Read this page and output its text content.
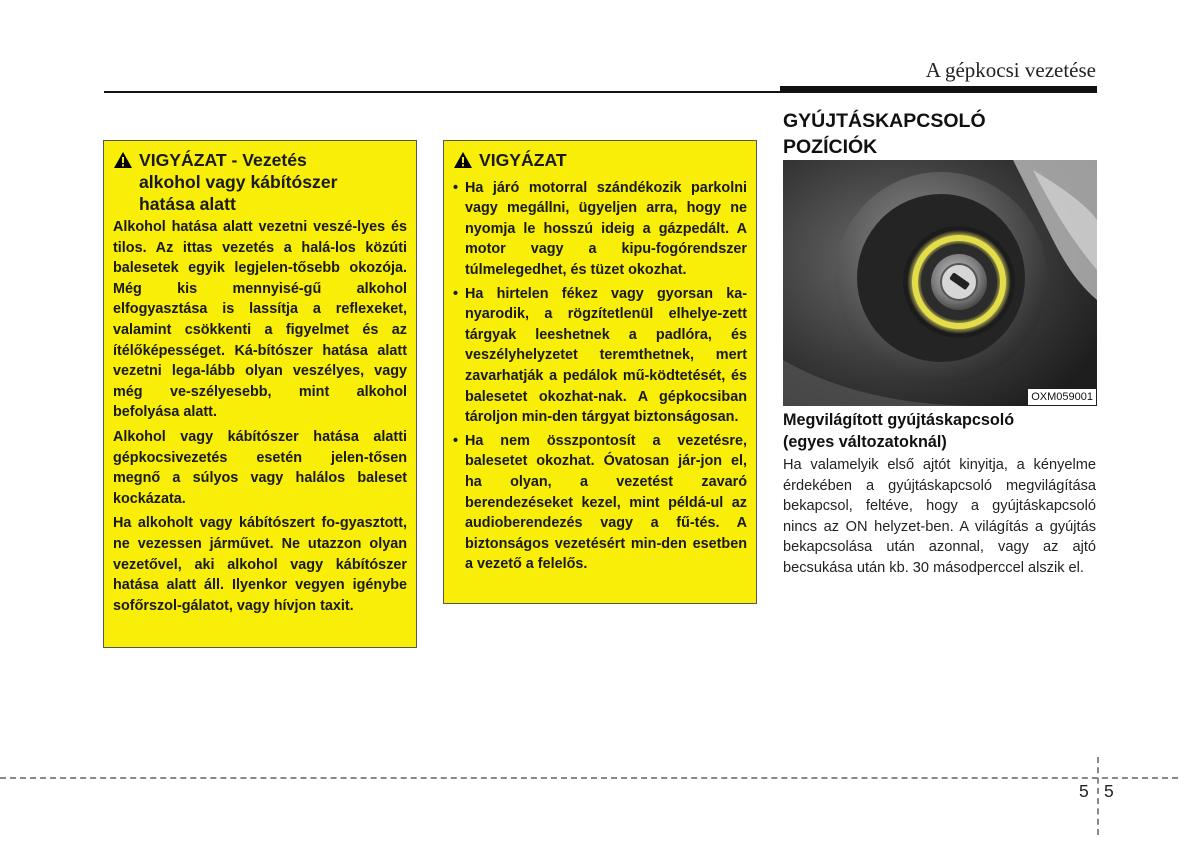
A gépkocsi vezetése
VIGYÁZAT - Vezetés
alkohol vagy kábítószer
hatása alatt

Alkohol hatása alatt vezetni veszé-lyes és tilos. Az ittas vezetés a halá-los közúti balesetek egyik legjelen-tősebb okozója. Még kis mennyisé-gű alkohol elfogyasztása is lassítja a reflexeket, valamint csökkenti a figyelmet és az ítélőképességet. Ká-bítószer hatása alatt vezetni lega-lább olyan veszélyes, vagy még ve-szélyesebb, mint alkohol befolyása alatt.

Alkohol vagy kábítószer hatása alatti gépkocsivezetés esetén jelen-tősen megnő a súlyos vagy halálos baleset kockázata.

Ha alkoholt vagy kábítószert fo-gyasztott, ne vezessen járművet. Ne utazzon olyan vezetővel, aki alkohol vagy kábítószer hatása alatt áll. Ilyenkor vegyen igénybe sofőrszol-gálatot, vagy hívjon taxit.

VIGYÁZAT
• Ha járó motorral szándékozik parkolni vagy megállni, ügyeljen arra, hogy ne nyomja le hosszú ideig a gázpedált. A motor vagy a kipu-fogórendszer túlmelegedhet, és tüzet okozhat.
• Ha hirtelen fékez vagy gyorsan ka-nyarodik, a rögzítetlenül elhelye-zett tárgyak leeshetnek a padlóra, és veszélyhelyzetet teremthetnek, mert zavarhatják a pedálok mű-ködtetését, és balesetet okozhat-nak. A gépkocsiban tároljon min-den tárgyat biztonságosan.
• Ha nem összpontosít a vezetésre, balesetet okozhat. Óvatosan jár-jon el, ha olyan, a vezetést zavaró berendezéseket kezel, mint példá-ul az audioberendezés vagy a fű-tés. A biztonságos vezetésért min-den esetben a vezető a felelős.
GYÚJTÁSKAPCSOLÓ
POZÍCIÓK
OXM059001
Megvilágított gyújtáskapcsoló
(egyes változatoknál)
Ha valamelyik első ajtót kinyitja, a kényelme érdekében a gyújtáskapcsoló megvilágítása bekapcsol, feltéve, hogy a gyújtáskapcsoló nincs az ON helyzet-ben. A világítás a gyújtás bekapcsolása után azonnal, vagy az ajtó becsukása után kb. 30 másodperccel alszik el.
5 5
